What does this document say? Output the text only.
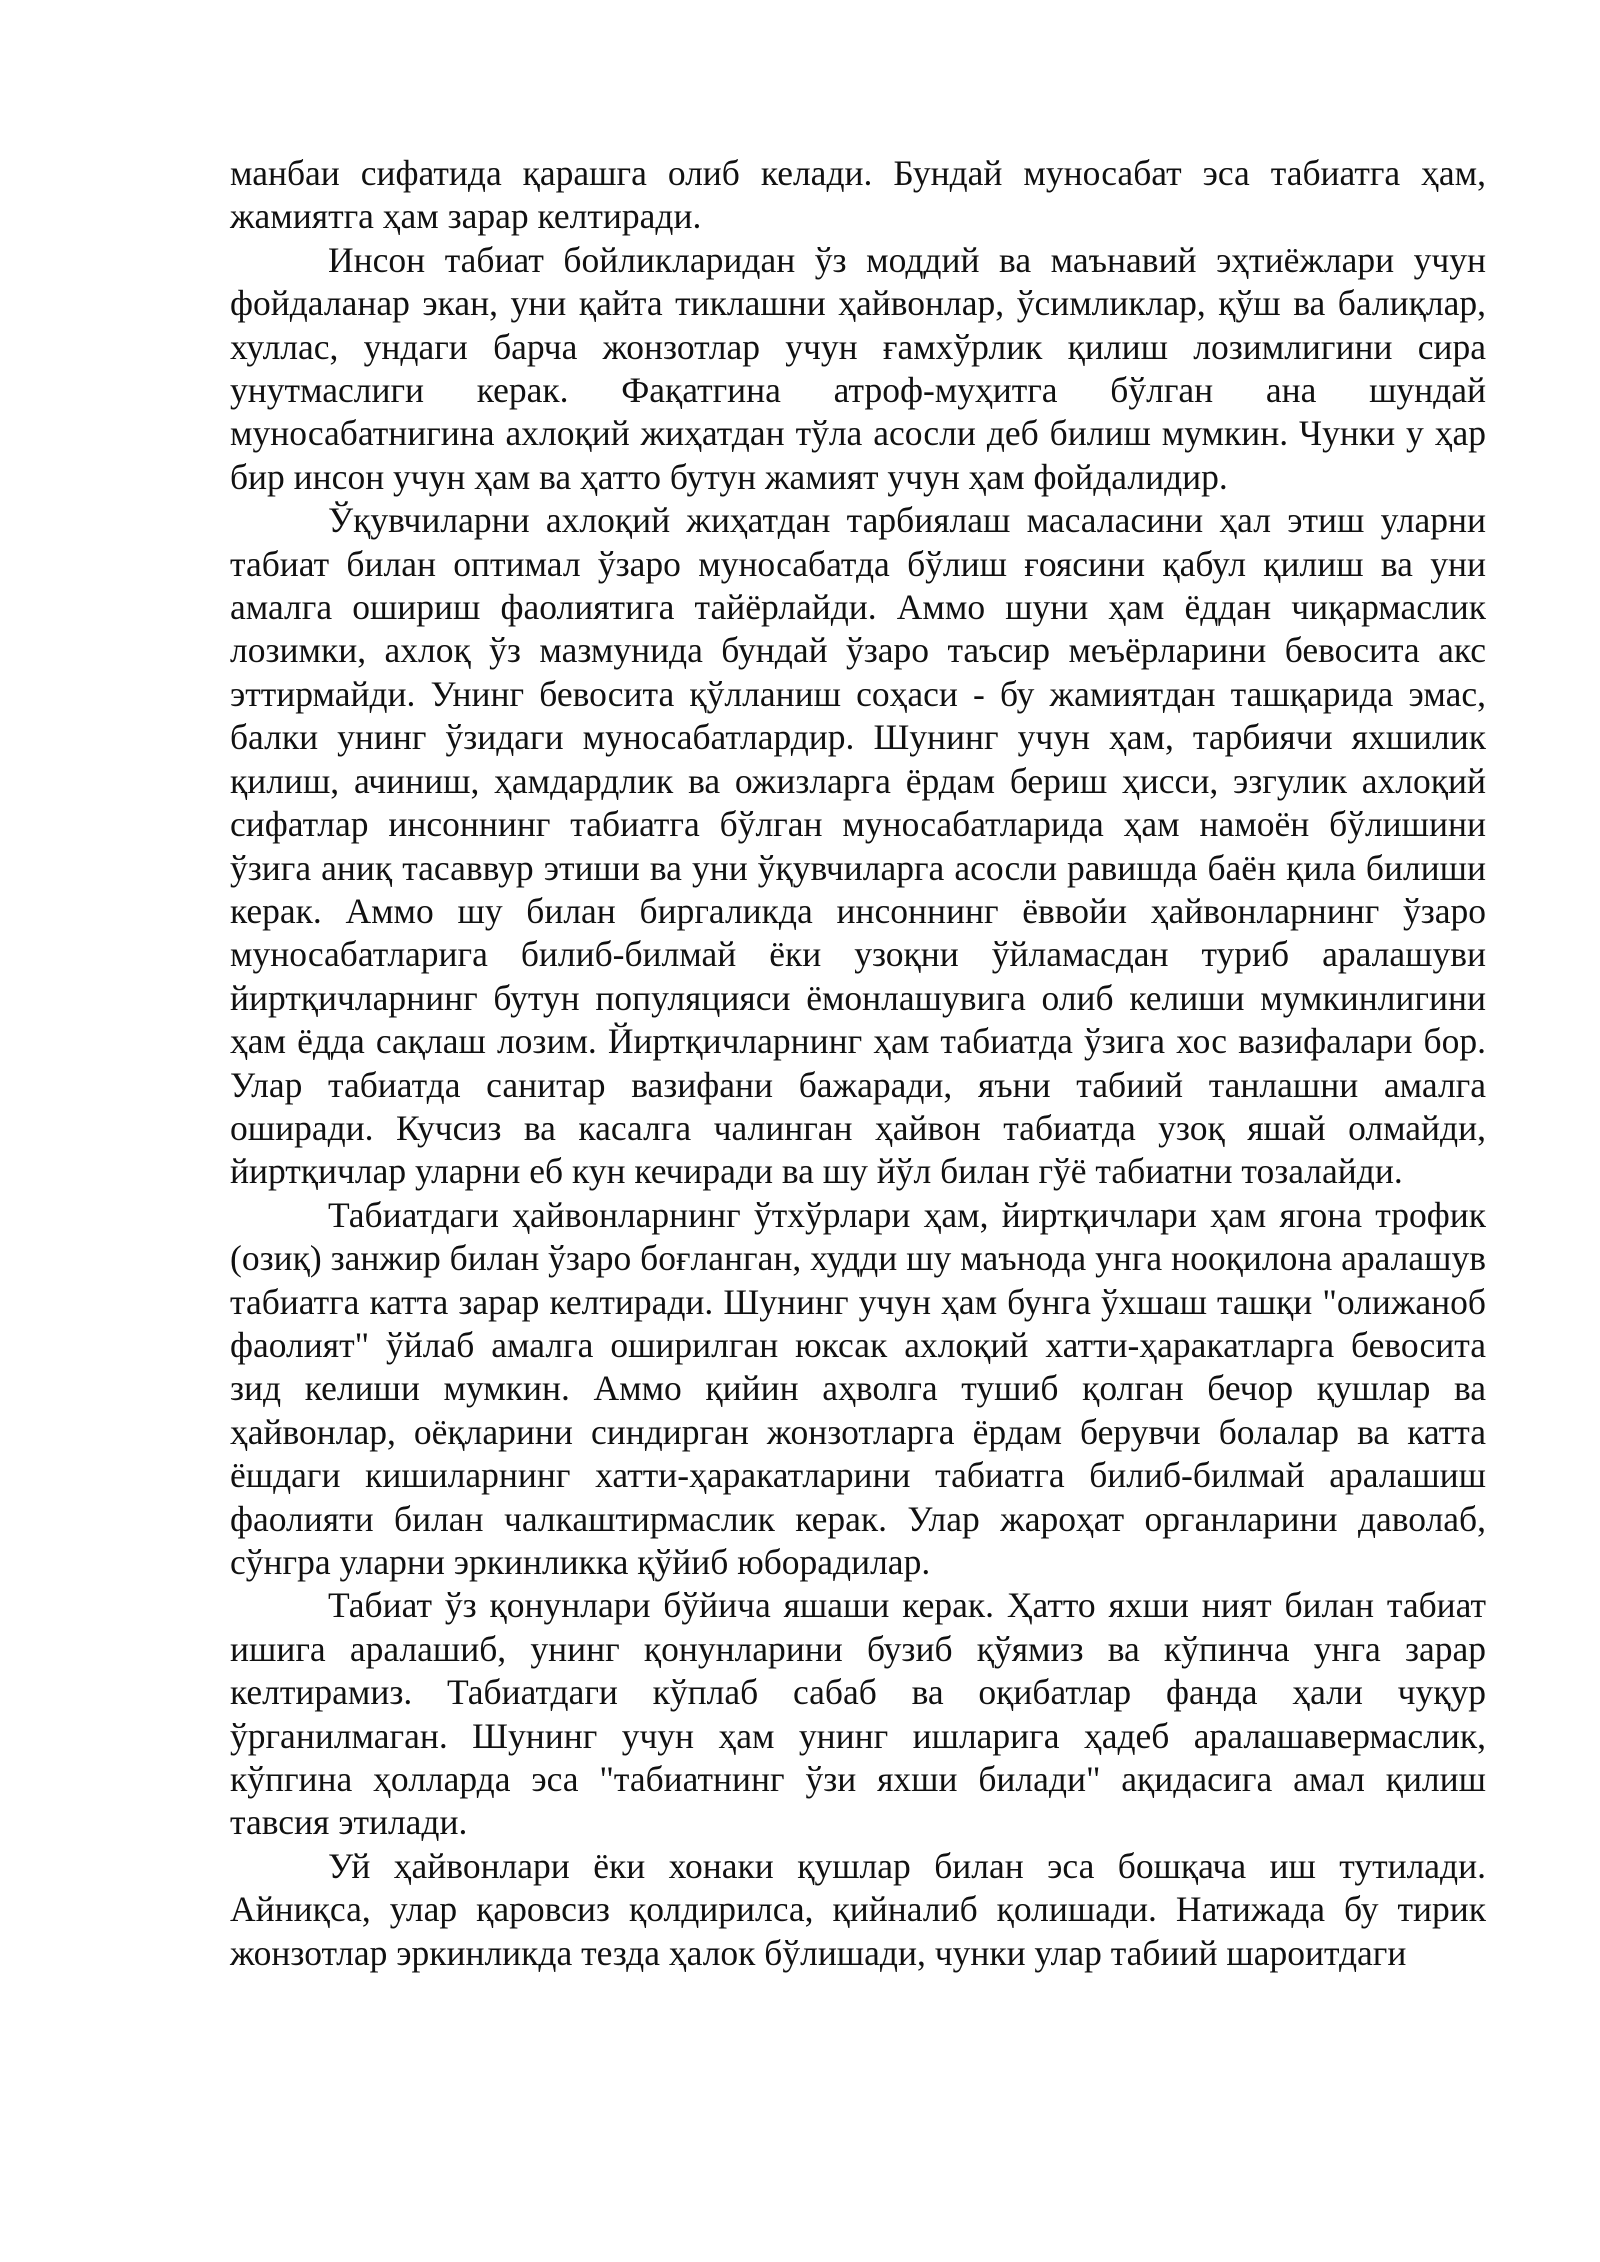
манбаи сифатида қарашга олиб келади. Бундай муносабат эса табиатга ҳам, жамиятга ҳам зарар келтиради.

Инсон табиат бойликларидан ўз моддий ва маънавий эҳтиёжлари учун фойдаланар экан, уни қайта тиклашни ҳайвонлар, ўсимликлар, қўш ва балиқлар, хуллас, ундаги барча жонзотлар учун ғамхўрлик қилиш лозимлигини сира унутмаслиги керак. Фақатгина атроф-муҳитга бўлган ана шундай муносабатнигина ахлоқий жиҳатдан тўла асосли деб билиш мумкин. Чунки у ҳар бир инсон учун ҳам ва ҳатто бутун жамият учун ҳам фойдалидир.

Ўқувчиларни ахлоқий жиҳатдан тарбиялаш масаласини ҳал этиш уларни табиат билан оптимал ўзаро муносабатда бўлиш ғоясини қабул қилиш ва уни амалга ошириш фаолиятига тайёрлайди. Аммо шуни ҳам ёддан чиқармаслик лозимки, ахлоқ ўз мазмунида бундай ўзаро таъсир меъёрларини бевосита акс эттирмайди. Унинг бевосита қўлланиш соҳаси - бу жамиятдан ташқарида эмас, балки унинг ўзидаги муносабатлардир. Шунинг учун ҳам, тарбиячи яхшилик қилиш, ачиниш, ҳамдардлик ва ожизларга ёрдам бериш ҳисси, эзгулик ахлоқий сифатлар инсоннинг табиатга бўлган муносабатларида ҳам намоён бўлишини ўзига аниқ тасаввур этиши ва уни ўқувчиларга асосли равишда баён қила билиши керак. Аммо шу билан биргаликда инсоннинг ёввойи ҳайвонларнинг ўзаро муносабатларига билиб-билмай ёки узоқни ўйламасдан туриб аралашуви йиртқичларнинг бутун популяцияси ёмонлашувига олиб келиши мумкинлигини ҳам ёдда сақлаш лозим. Йиртқичларнинг ҳам табиатда ўзига хос вазифалари бор. Улар табиатда санитар вазифани бажаради, яъни табиий танлашни амалга оширади. Кучсиз ва касалга чалинган ҳайвон табиатда узоқ яшай олмайди, йиртқичлар уларни еб кун кечиради ва шу йўл билан гўё табиатни тозалайди.

Табиатдаги ҳайвонларнинг ўтхўрлари ҳам, йиртқичлари ҳам ягона трофик (озиқ) занжир билан ўзаро боғланган, худди шу маънода унга ноoқилона аралашув табиатга катта зарар келтиради. Шунинг учун ҳам бунга ўхшаш ташқи "олижаноб фаолият" ўйлаб амалга оширилган юксак ахлоқий хатти-ҳаракатларга бевосита зид келиши мумкин. Аммо қийин аҳволга тушиб қолган бечор қушлар ва ҳайвонлар, оёқларини синдирган жонзотларга ёрдам берувчи болалар ва катта ёшдаги кишиларнинг хатти-ҳаракатларини табиатга билиб-билмай аралашиш фаолияти билан чалкаштирмаслик керак. Улар жароҳат органларини даволаб, сўнгра уларни эркинликка қўйиб юборадилар.

Табиат ўз қонунлари бўйича яшаши керак. Ҳатто яхши ният билан табиат ишига аралашиб, унинг қонунларини бузиб қўямиз ва кўпинча унга зарар келтирамиз. Табиатдаги кўплаб сабаб ва оқибатлар фанда ҳали чуқур ўрганилмаган. Шунинг учун ҳам унинг ишларига ҳадеб аралашавермаслик, кўпгина ҳолларда эса "табиатнинг ўзи яхши билади" ақидасига амал қилиш тавсия этилади.

Уй ҳайвонлари ёки хонаки қушлар билан эса бошқача иш тутилади. Айниқса, улар қаровсиз қолдирилса, қийналиб қолишади. Натижада бу тирик жонзотлар эркинликда тезда ҳалок бўлишади, чунки улар табиий шароитдаги
